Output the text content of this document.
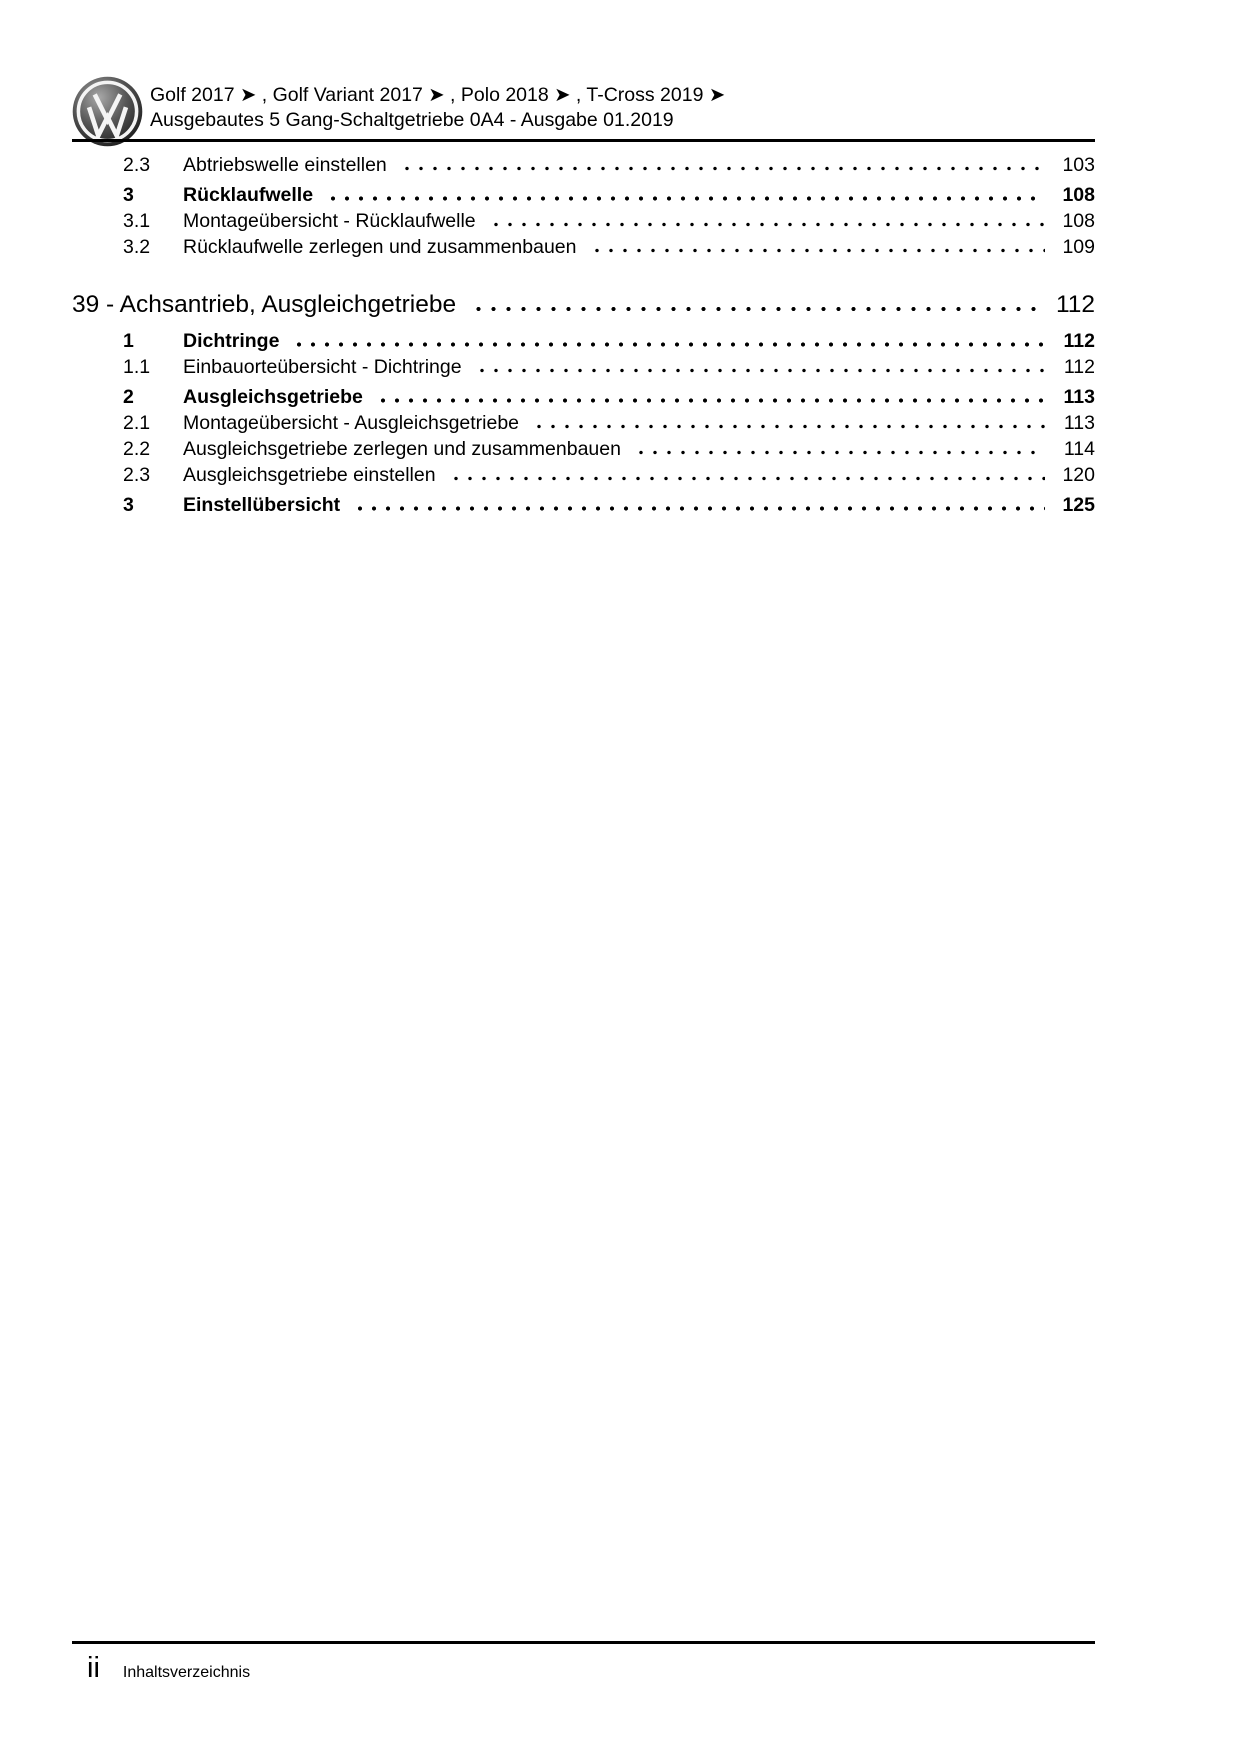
Golf 2017 ➤ , Golf Variant 2017 ➤ , Polo 2018 ➤ , T-Cross 2019 ➤
Ausgebautes 5 Gang-Schaltgetriebe 0A4 - Ausgabe 01.2019
2.3	Abtriebswelle einstellen	103
3	Rücklaufwelle	108
3.1	Montageübersicht - Rücklaufwelle	108
3.2	Rücklaufwelle zerlegen und zusammenbauen	109
39 - Achsantrieb, Ausgleichgetriebe	112
1	Dichtringe	112
1.1	Einbauorteübersicht - Dichtringe	112
2	Ausgleichsgetriebe	113
2.1	Montageübersicht - Ausgleichsgetriebe	113
2.2	Ausgleichsgetriebe zerlegen und zusammenbauen	114
2.3	Ausgleichsgetriebe einstellen	120
3	Einstellübersicht	125
ii Inhaltsverzeichnis
